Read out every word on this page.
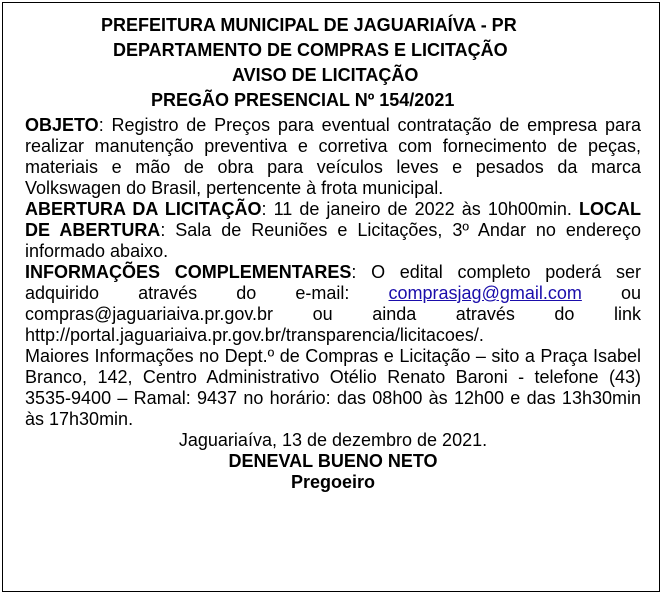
PREFEITURA MUNICIPAL DE JAGUARIAÍVA - PR
DEPARTAMENTO DE COMPRAS E LICITAÇÃO
AVISO DE LICITAÇÃO
PREGÃO PRESENCIAL Nº 154/2021

OBJETO: Registro de Preços para eventual contratação de empresa para realizar manutenção preventiva e corretiva com fornecimento de peças, materiais e mão de obra para veículos leves e pesados da marca Volkswagen do Brasil, pertencente à frota municipal.

ABERTURA DA LICITAÇÃO: 11 de janeiro de 2022 às 10h00min. LOCAL DE ABERTURA: Sala de Reuniões e Licitações, 3º Andar no endereço informado abaixo.

INFORMAÇÕES COMPLEMENTARES: O edital completo poderá ser adquirido através do e-mail: comprasjag@gmail.com ou compras@jaguariaiva.pr.gov.br ou ainda através do link http://portal.jaguariaiva.pr.gov.br/transparencia/licitacoes/.

Maiores Informações no Dept.º de Compras e Licitação – sito a Praça Isabel Branco, 142, Centro Administrativo Otélio Renato Baroni - telefone (43) 3535-9400 – Ramal: 9437 no horário: das 08h00 às 12h00 e das 13h30min às 17h30min.

Jaguariaíva, 13 de dezembro de 2021.

DENEVAL BUENO NETO

Pregoeiro
